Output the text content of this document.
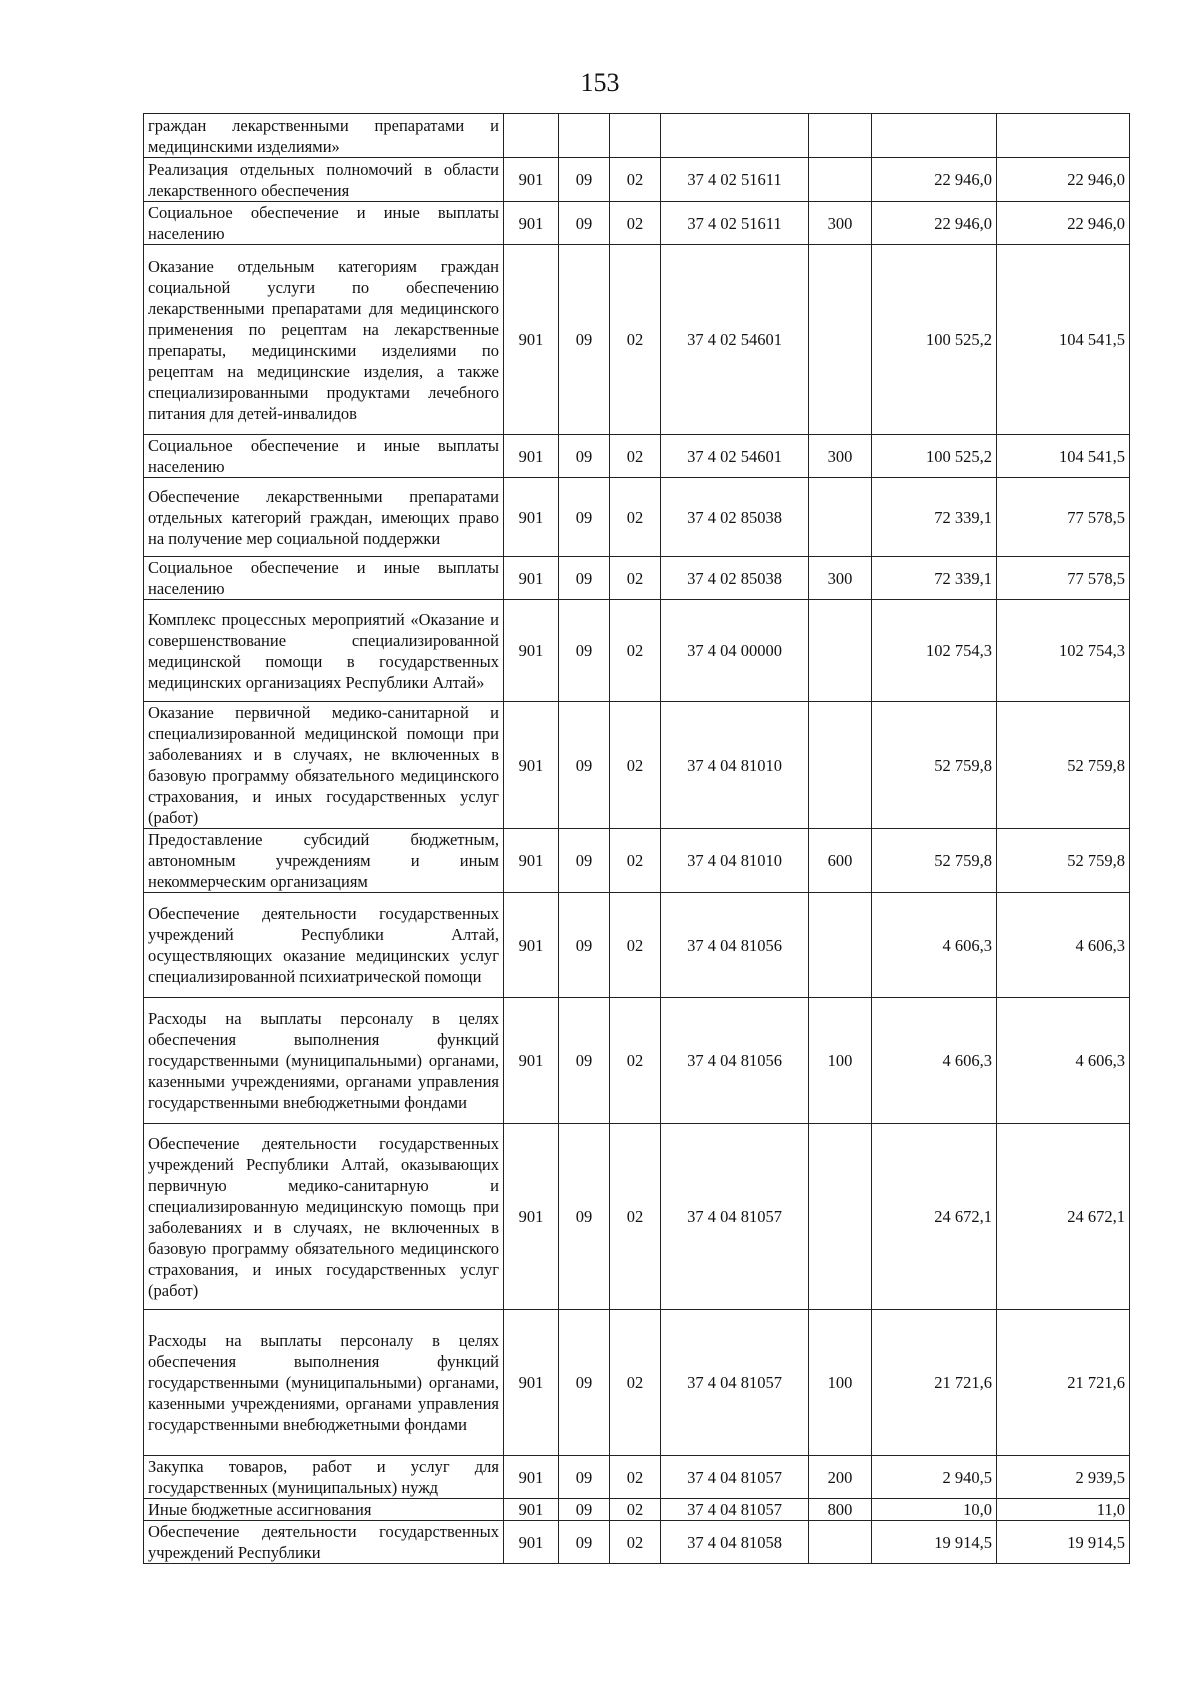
153
граждан лекарственными препаратами и медицинскими изделиями»							
Реализация отдельных полномочий в области лекарственного обеспечения	901	09	02	37 4 02 51611		22 946,0	22 946,0
Социальное обеспечение и иные выплаты населению	901	09	02	37 4 02 51611	300	22 946,0	22 946,0
Оказание отдельным категориям граждан социальной услуги по обеспечению лекарственными препаратами для медицинского применения по рецептам на лекарственные препараты, медицинскими изделиями по рецептам на медицинские изделия, а также специализированными продуктами лечебного питания для детей-инвалидов	901	09	02	37 4 02 54601		100 525,2	104 541,5
Социальное обеспечение и иные выплаты населению	901	09	02	37 4 02 54601	300	100 525,2	104 541,5
Обеспечение лекарственными препаратами отдельных категорий граждан, имеющих право на получение мер социальной поддержки	901	09	02	37 4 02 85038		72 339,1	77 578,5
Социальное обеспечение и иные выплаты населению	901	09	02	37 4 02 85038	300	72 339,1	77 578,5
Комплекс процессных мероприятий «Оказание и совершенствование специализированной медицинской помощи в государственных медицинских организациях Республики Алтай»	901	09	02	37 4 04 00000		102 754,3	102 754,3
Оказание первичной медико-санитарной и специализированной медицинской помощи при заболеваниях и в случаях, не включенных в базовую программу обязательного медицинского страхования, и иных государственных услуг (работ)	901	09	02	37 4 04 81010		52 759,8	52 759,8
Предоставление субсидий бюджетным, автономным учреждениям и иным некоммерческим организациям	901	09	02	37 4 04 81010	600	52 759,8	52 759,8
Обеспечение деятельности государственных учреждений Республики Алтай, осуществляющих оказание медицинских услуг специализированной психиатрической помощи	901	09	02	37 4 04 81056		4 606,3	4 606,3
Расходы на выплаты персоналу в целях обеспечения выполнения функций государственными (муниципальными) органами, казенными учреждениями, органами управления государственными внебюджетными фондами	901	09	02	37 4 04 81056	100	4 606,3	4 606,3
Обеспечение деятельности государственных учреждений Республики Алтай, оказывающих первичную медико-санитарную и специализированную медицинскую помощь при заболеваниях и в случаях, не включенных в базовую программу обязательного медицинского страхования, и иных государственных услуг (работ)	901	09	02	37 4 04 81057		24 672,1	24 672,1
Расходы на выплаты персоналу в целях обеспечения выполнения функций государственными (муниципальными) органами, казенными учреждениями, органами управления государственными внебюджетными фондами	901	09	02	37 4 04 81057	100	21 721,6	21 721,6
Закупка товаров, работ и услуг для государственных (муниципальных) нужд	901	09	02	37 4 04 81057	200	2 940,5	2 939,5
Иные бюджетные ассигнования	901	09	02	37 4 04 81057	800	10,0	11,0
Обеспечение деятельности государственных учреждений Республики	901	09	02	37 4 04 81058		19 914,5	19 914,5
